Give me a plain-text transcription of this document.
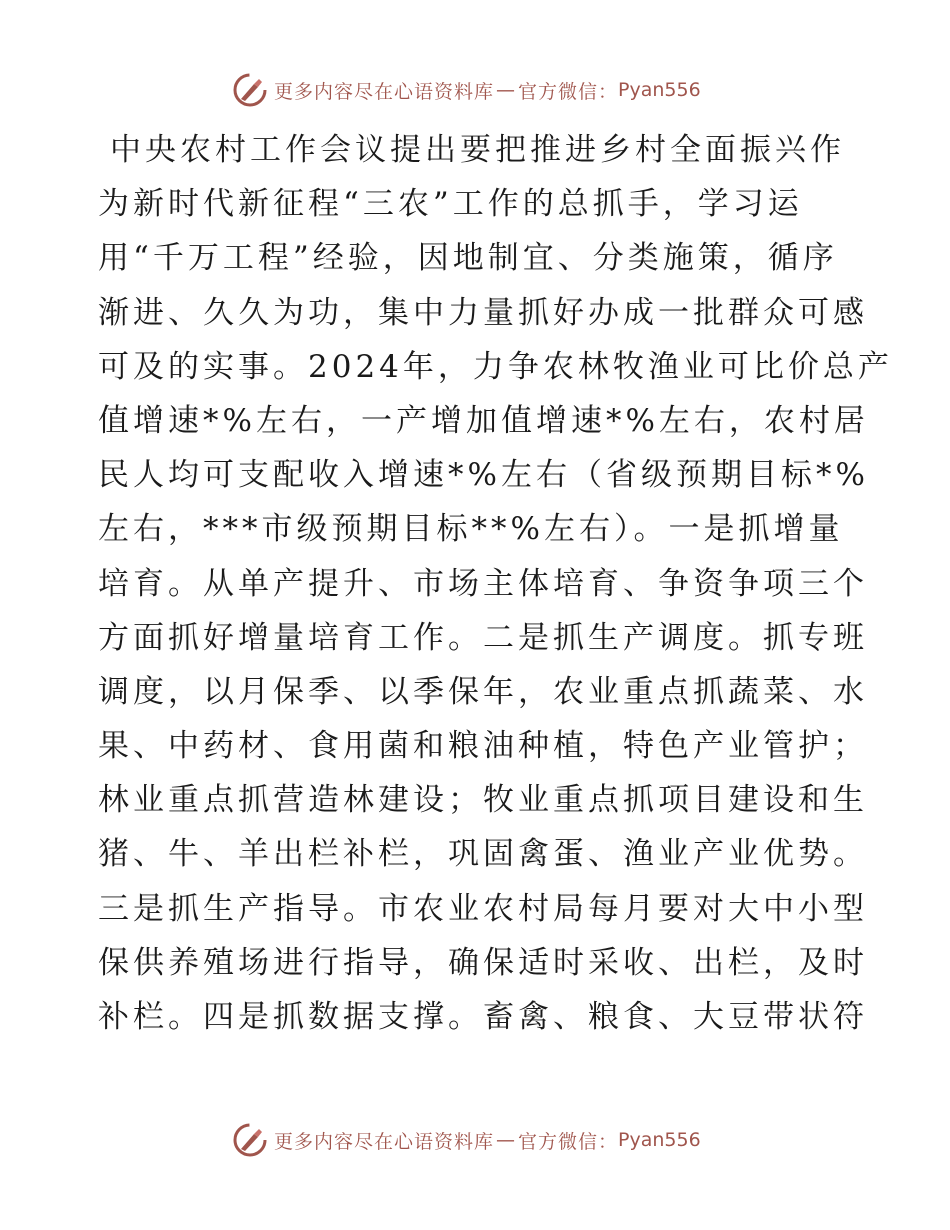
更多内容尽在心语资料库 — 官方微信： Pyan556
中央农村工作会议提出要把推进乡村全面振兴作
为新时代新征程“三农”工作的总抓手，学习运
用“千万工程”经验，因地制宜、分类施策，循序
渐进、久久为功，集中力量抓好办成一批群众可感
可及的实事。2024年，力争农林牧渔业可比价总产
值增速*%左右，一产增加值增速*%左右，农村居
民人均可支配收入增速*%左右（省级预期目标*%
左右，***市级预期目标**%左右）。一是抓增量
培育。从单产提升、市场主体培育、争资争项三个
方面抓好增量培育工作。二是抓生产调度。抓专班
调度，以月保季、以季保年，农业重点抓蔬菜、水
果、中药材、食用菌和粮油种植，特色产业管护；
林业重点抓营造林建设；牧业重点抓项目建设和生
猪、牛、羊出栏补栏，巩固禽蛋、渔业产业优势。
三是抓生产指导。市农业农村局每月要对大中小型
保供养殖场进行指导，确保适时采收、出栏，及时
补栏。四是抓数据支撑。畜禽、粮食、大豆带状符
更多内容尽在心语资料库 — 官方微信： Pyan556
